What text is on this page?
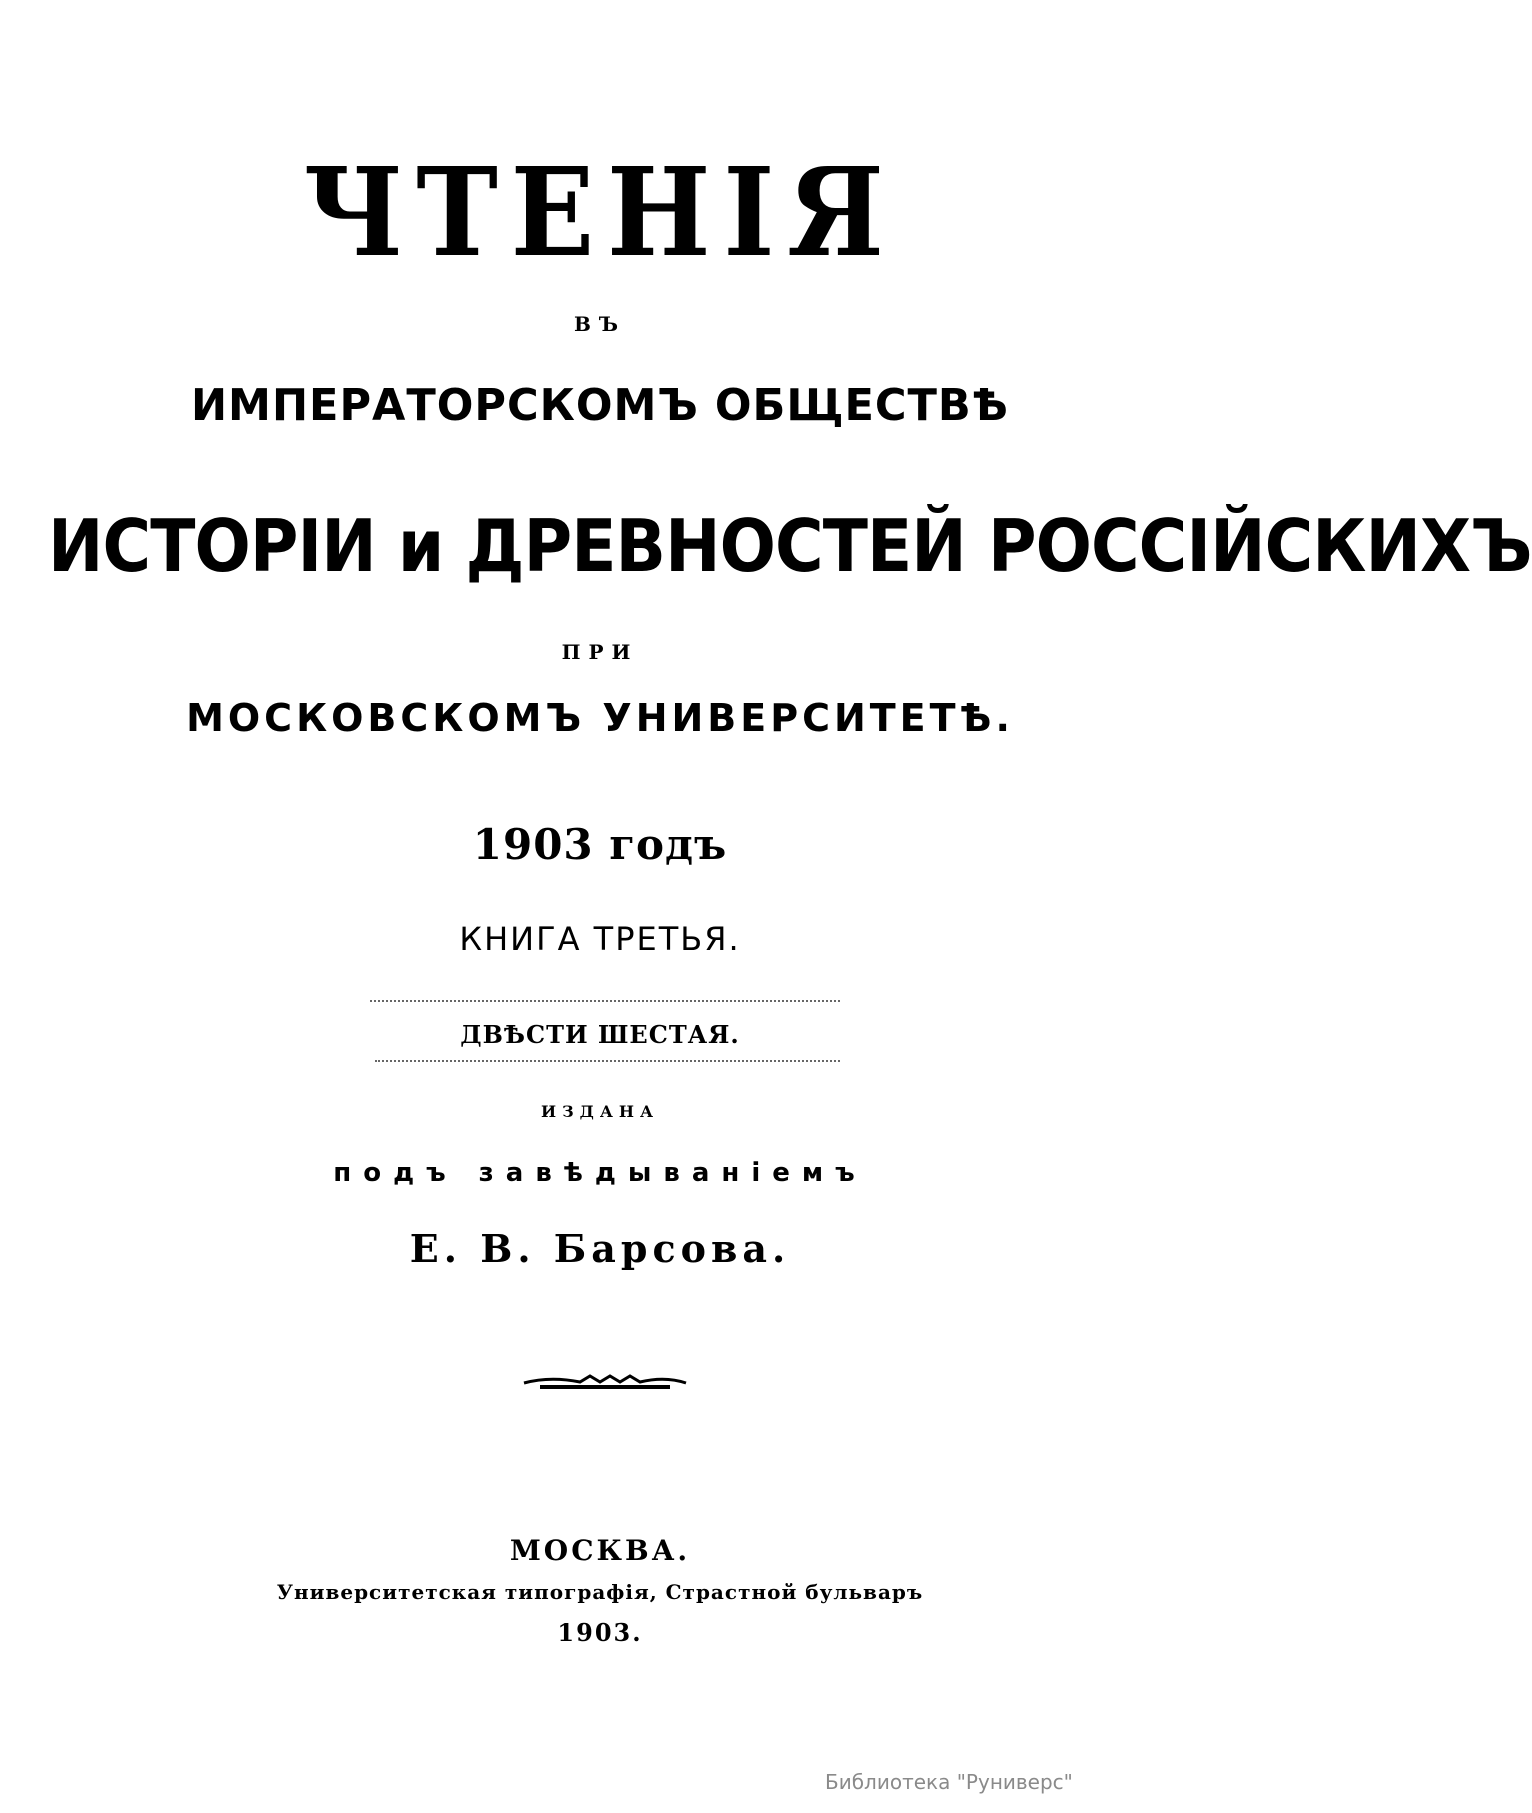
ЧТЕНІЯ
ВЪ
ИМПЕРАТОРСКОМЪ ОБЩЕСТВѢ
ИСТОРІИ и ДРЕВНОСТЕЙ РОССІЙСКИХЪ
ПРИ
МОСКОВСКОМЪ УНИВЕРСИТЕТѢ.
1903 годъ
КНИГА ТРЕТЬЯ.
ДВѢСТИ ШЕСТАЯ.
ИЗДАНА
подъ завѣдываніемъ
Е. В. Барсова.
МОСКВА.
Университетская типографія, Страстной бульваръ
1903.
Библиотека "Руниверс"
